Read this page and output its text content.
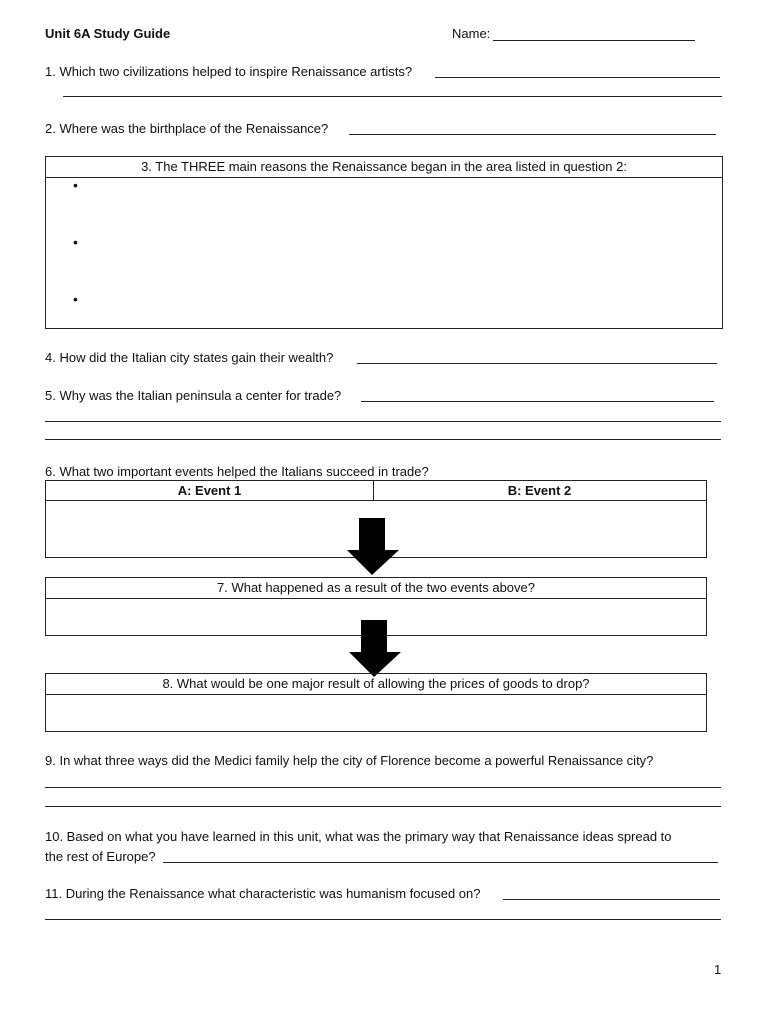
Unit 6A Study Guide	Name:
1. Which two civilizations helped to inspire Renaissance artists?
2. Where was the birthplace of the Renaissance?
3. The THREE main reasons the Renaissance began in the area listed in question 2:
•
•
•
4. How did the Italian city states gain their wealth?
5. Why was the Italian peninsula a center for trade?
6. What two important events helped the Italians succeed in trade?
A: Event 1	B: Event 2
7. What happened as a result of the two events above?
8. What would be one major result of allowing the prices of goods to drop?
9. In what three ways did the Medici family help the city of Florence become a powerful Renaissance city?
10. Based on what you have learned in this unit, what was the primary way that Renaissance ideas spread to
the rest of Europe?
11. During the Renaissance what characteristic was humanism focused on?
1
